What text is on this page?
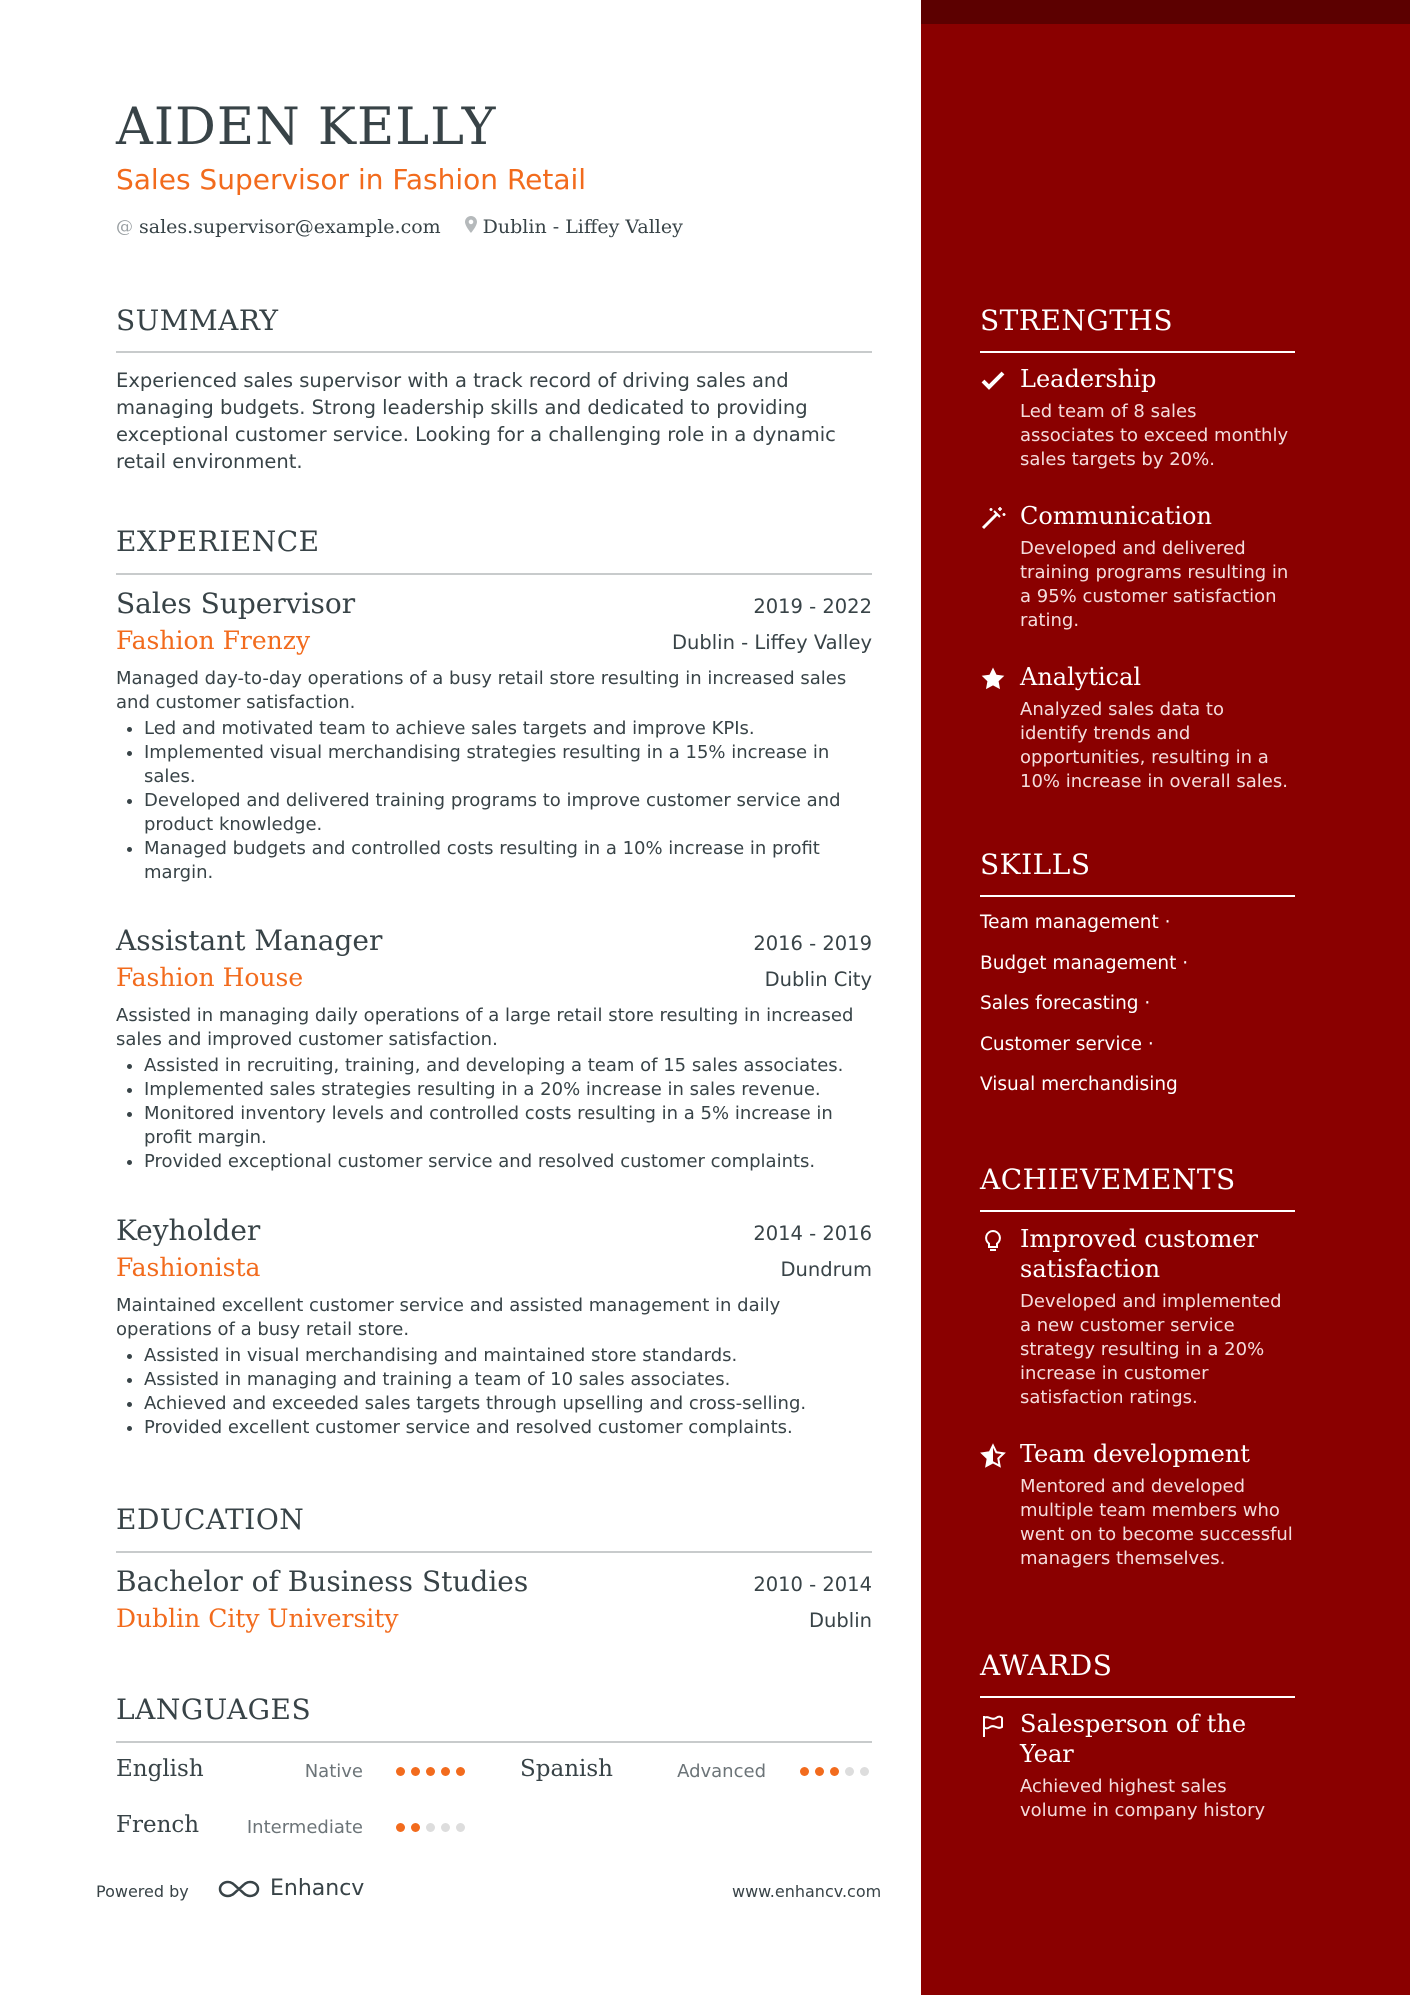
AIDEN KELLY
Sales Supervisor in Fashion Retail
@ sales.supervisor@example.com Dublin - Liffey Valley
SUMMARY
Experienced sales supervisor with a track record of driving sales and managing budgets. Strong leadership skills and dedicated to providing exceptional customer service. Looking for a challenging role in a dynamic retail environment.
EXPERIENCE
Sales Supervisor	2019 - 2022
Fashion Frenzy	Dublin - Liffey Valley
Managed day-to-day operations of a busy retail store resulting in increased sales and customer satisfaction.
• Led and motivated team to achieve sales targets and improve KPIs.
• Implemented visual merchandising strategies resulting in a 15% increase in sales.
• Developed and delivered training programs to improve customer service and product knowledge.
• Managed budgets and controlled costs resulting in a 10% increase in profit margin.
Assistant Manager	2016 - 2019
Fashion House	Dublin City
Assisted in managing daily operations of a large retail store resulting in increased sales and improved customer satisfaction.
• Assisted in recruiting, training, and developing a team of 15 sales associates.
• Implemented sales strategies resulting in a 20% increase in sales revenue.
• Monitored inventory levels and controlled costs resulting in a 5% increase in profit margin.
• Provided exceptional customer service and resolved customer complaints.
Keyholder	2014 - 2016
Fashionista	Dundrum
Maintained excellent customer service and assisted management in daily operations of a busy retail store.
• Assisted in visual merchandising and maintained store standards.
• Assisted in managing and training a team of 10 sales associates.
• Achieved and exceeded sales targets through upselling and cross-selling.
• Provided excellent customer service and resolved customer complaints.
EDUCATION
Bachelor of Business Studies	2010 - 2014
Dublin City University	Dublin
LANGUAGES
English	Native	Spanish	Advanced
French	Intermediate
Powered by	Enhancv	www.enhancv.com
STRENGTHS
Leadership
Led team of 8 sales associates to exceed monthly sales targets by 20%.
Communication
Developed and delivered training programs resulting in a 95% customer satisfaction rating.
Analytical
Analyzed sales data to identify trends and opportunities, resulting in a 10% increase in overall sales.
SKILLS
Team management ·
Budget management ·
Sales forecasting ·
Customer service ·
Visual merchandising
ACHIEVEMENTS
Improved customer satisfaction
Developed and implemented a new customer service strategy resulting in a 20% increase in customer satisfaction ratings.
Team development
Mentored and developed multiple team members who went on to become successful managers themselves.
AWARDS
Salesperson of the Year
Achieved highest sales volume in company history
